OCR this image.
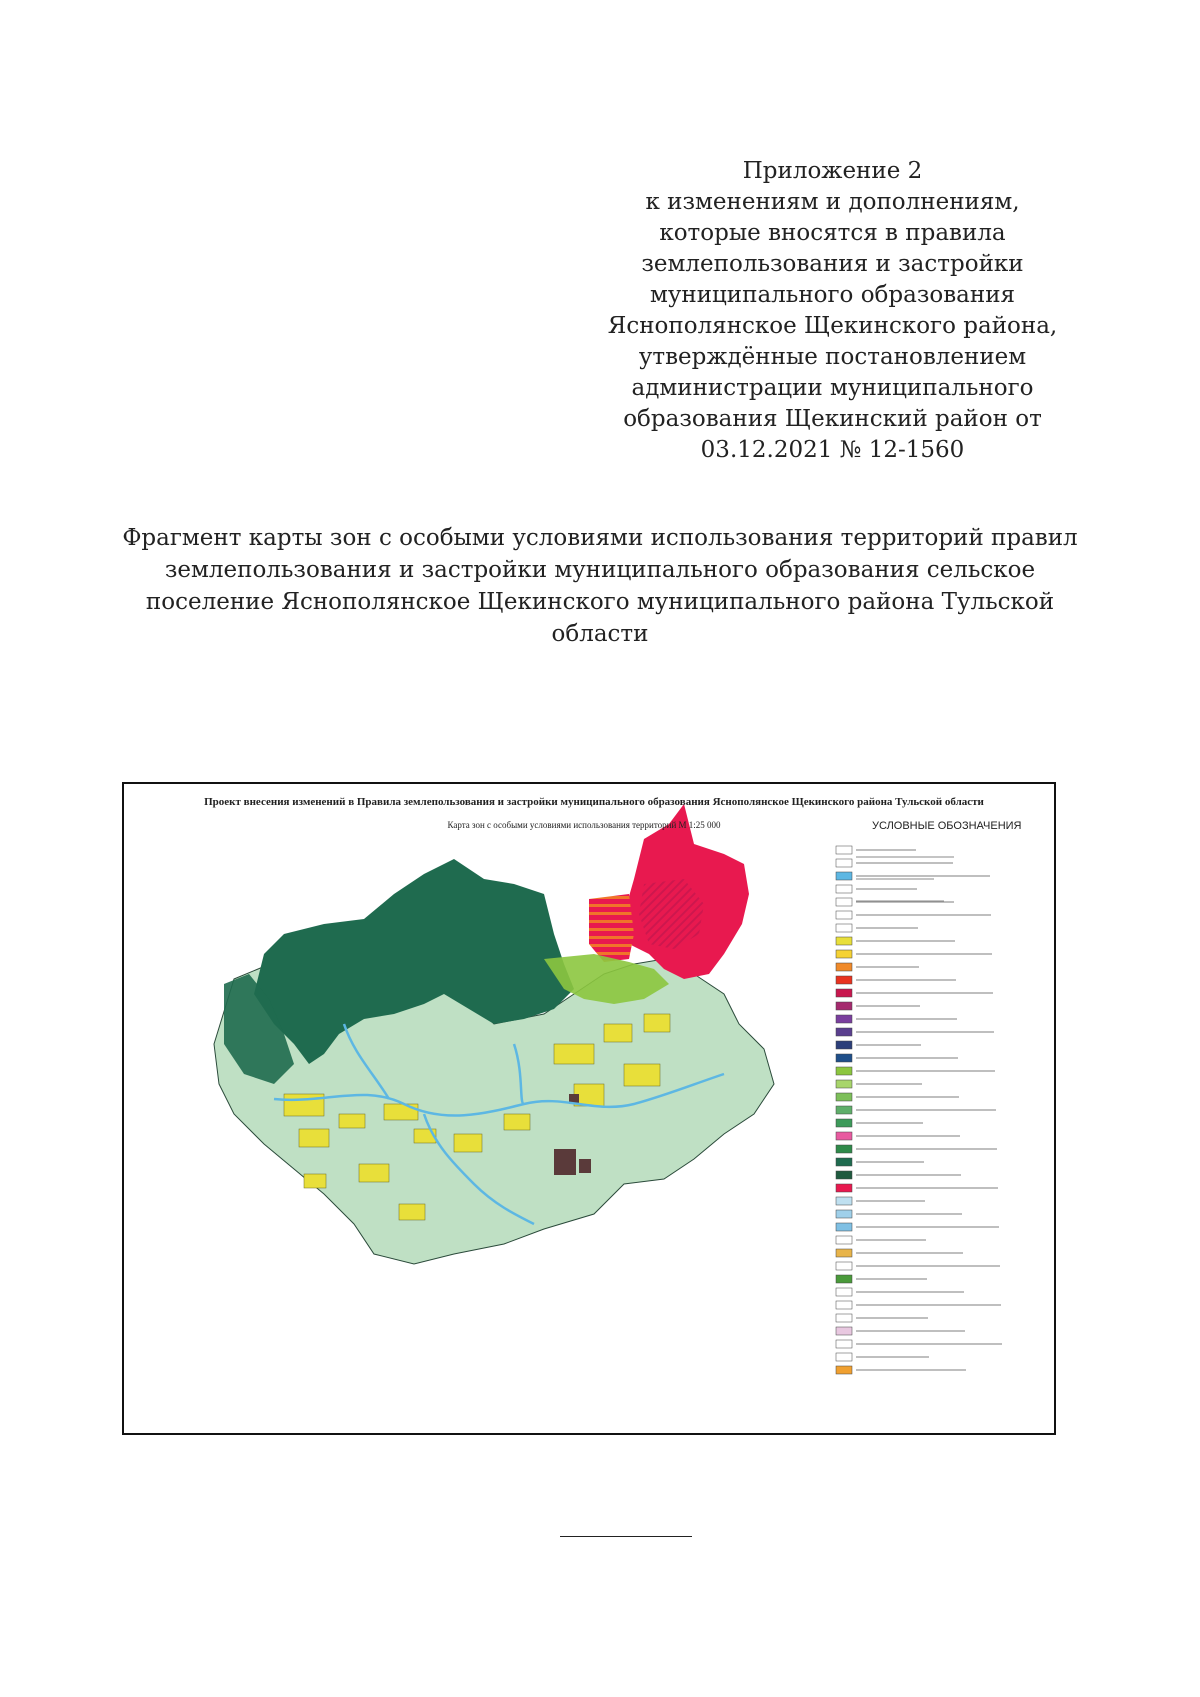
Приложение 2
к изменениям и дополнениям,
которые вносятся в правила
землепользования и застройки
муниципального образования
Яснополянское Щекинского района,
утверждённые постановлением
администрации муниципального
образования Щекинский район от
03.12.2021 № 12-1560
Фрагмент карты зон с особыми условиями использования территорий правил
землепользования и застройки муниципального образования сельское
поселение Яснополянское Щекинского муниципального района Тульской
области
Проект внесения изменений в Правила землепользования и застройки муниципального образования Яснополянское Щекинского района Тульской области
Карта зон с особыми условиями использования территорий М 1:25 000	УСЛОВНЫЕ ОБОЗНАЧЕНИЯ
